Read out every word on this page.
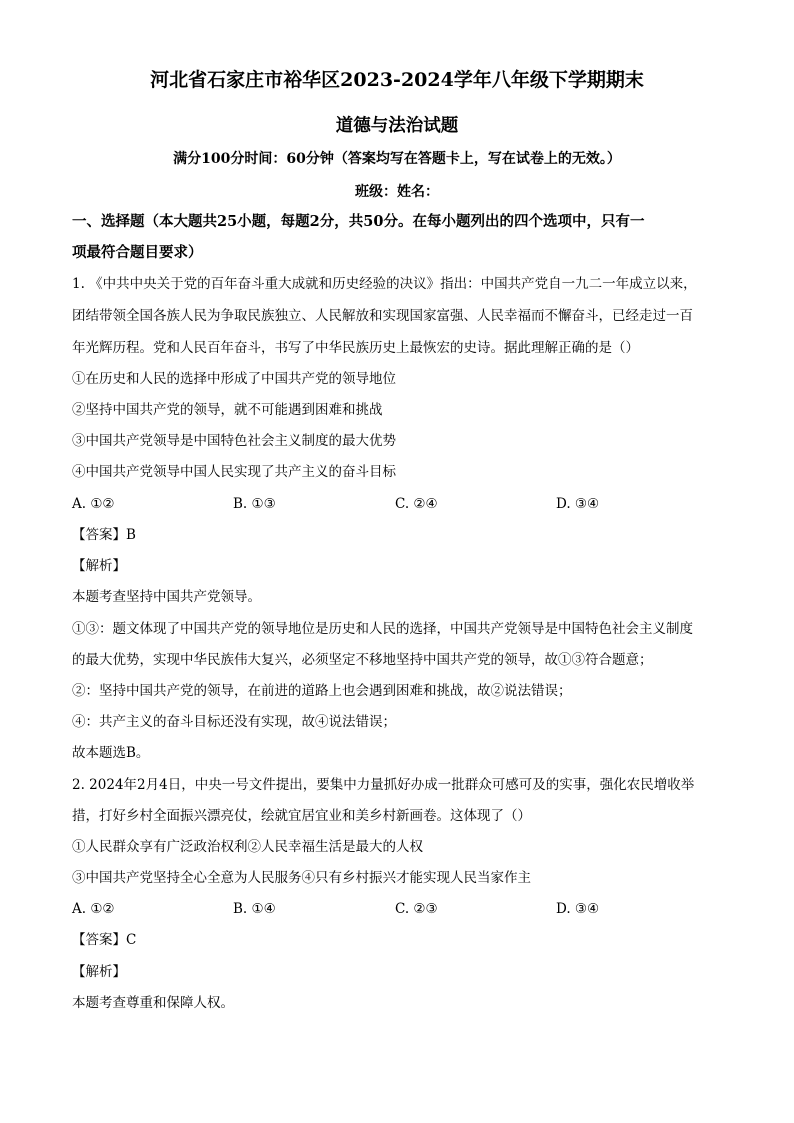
河北省石家庄市裕华区2023-2024学年八年级下学期期末
道德与法治试题
满分100分时间：60分钟（答案均写在答题卡上，写在试卷上的无效。）
班级：姓名：
一、选择题（本大题共25小题，每题2分，共50分。在每小题列出的四个选项中，只有一
项最符合题目要求）
1. 《中共中央关于党的百年奋斗重大成就和历史经验的决议》指出：中国共产党自一九二一年成立以来，
团结带领全国各族人民为争取民族独立、人民解放和实现国家富强、人民幸福而不懈奋斗，已经走过一百
年光辉历程。党和人民百年奋斗，书写了中华民族历史上最恢宏的史诗。据此理解正确的是（）
①在历史和人民的选择中形成了中国共产党的领导地位
②坚持中国共产党的领导，就不可能遇到困难和挑战
③中国共产党领导是中国特色社会主义制度的最大优势
④中国共产党领导中国人民实现了共产主义的奋斗目标
A. ①②	B. ①③	C. ②④	D. ③④
【答案】B
【解析】
本题考查坚持中国共产党领导。
①③：题文体现了中国共产党的领导地位是历史和人民的选择，中国共产党领导是中国特色社会主义制度
的最大优势，实现中华民族伟大复兴，必须坚定不移地坚持中国共产党的领导，故①③符合题意；
②：坚持中国共产党的领导，在前进的道路上也会遇到困难和挑战，故②说法错误；
④：共产主义的奋斗目标还没有实现，故④说法错误；
故本题选B。
2. 2024年2月4日，中央一号文件提出，要集中力量抓好办成一批群众可感可及的实事，强化农民增收举
措，打好乡村全面振兴漂亮仗，绘就宜居宜业和美乡村新画卷。这体现了（）
①人民群众享有广泛政治权利②人民幸福生活是最大的人权
③中国共产党坚持全心全意为人民服务④只有乡村振兴才能实现人民当家作主
A. ①②	B. ①④	C. ②③	D. ③④
【答案】C
【解析】
本题考查尊重和保障人权。
